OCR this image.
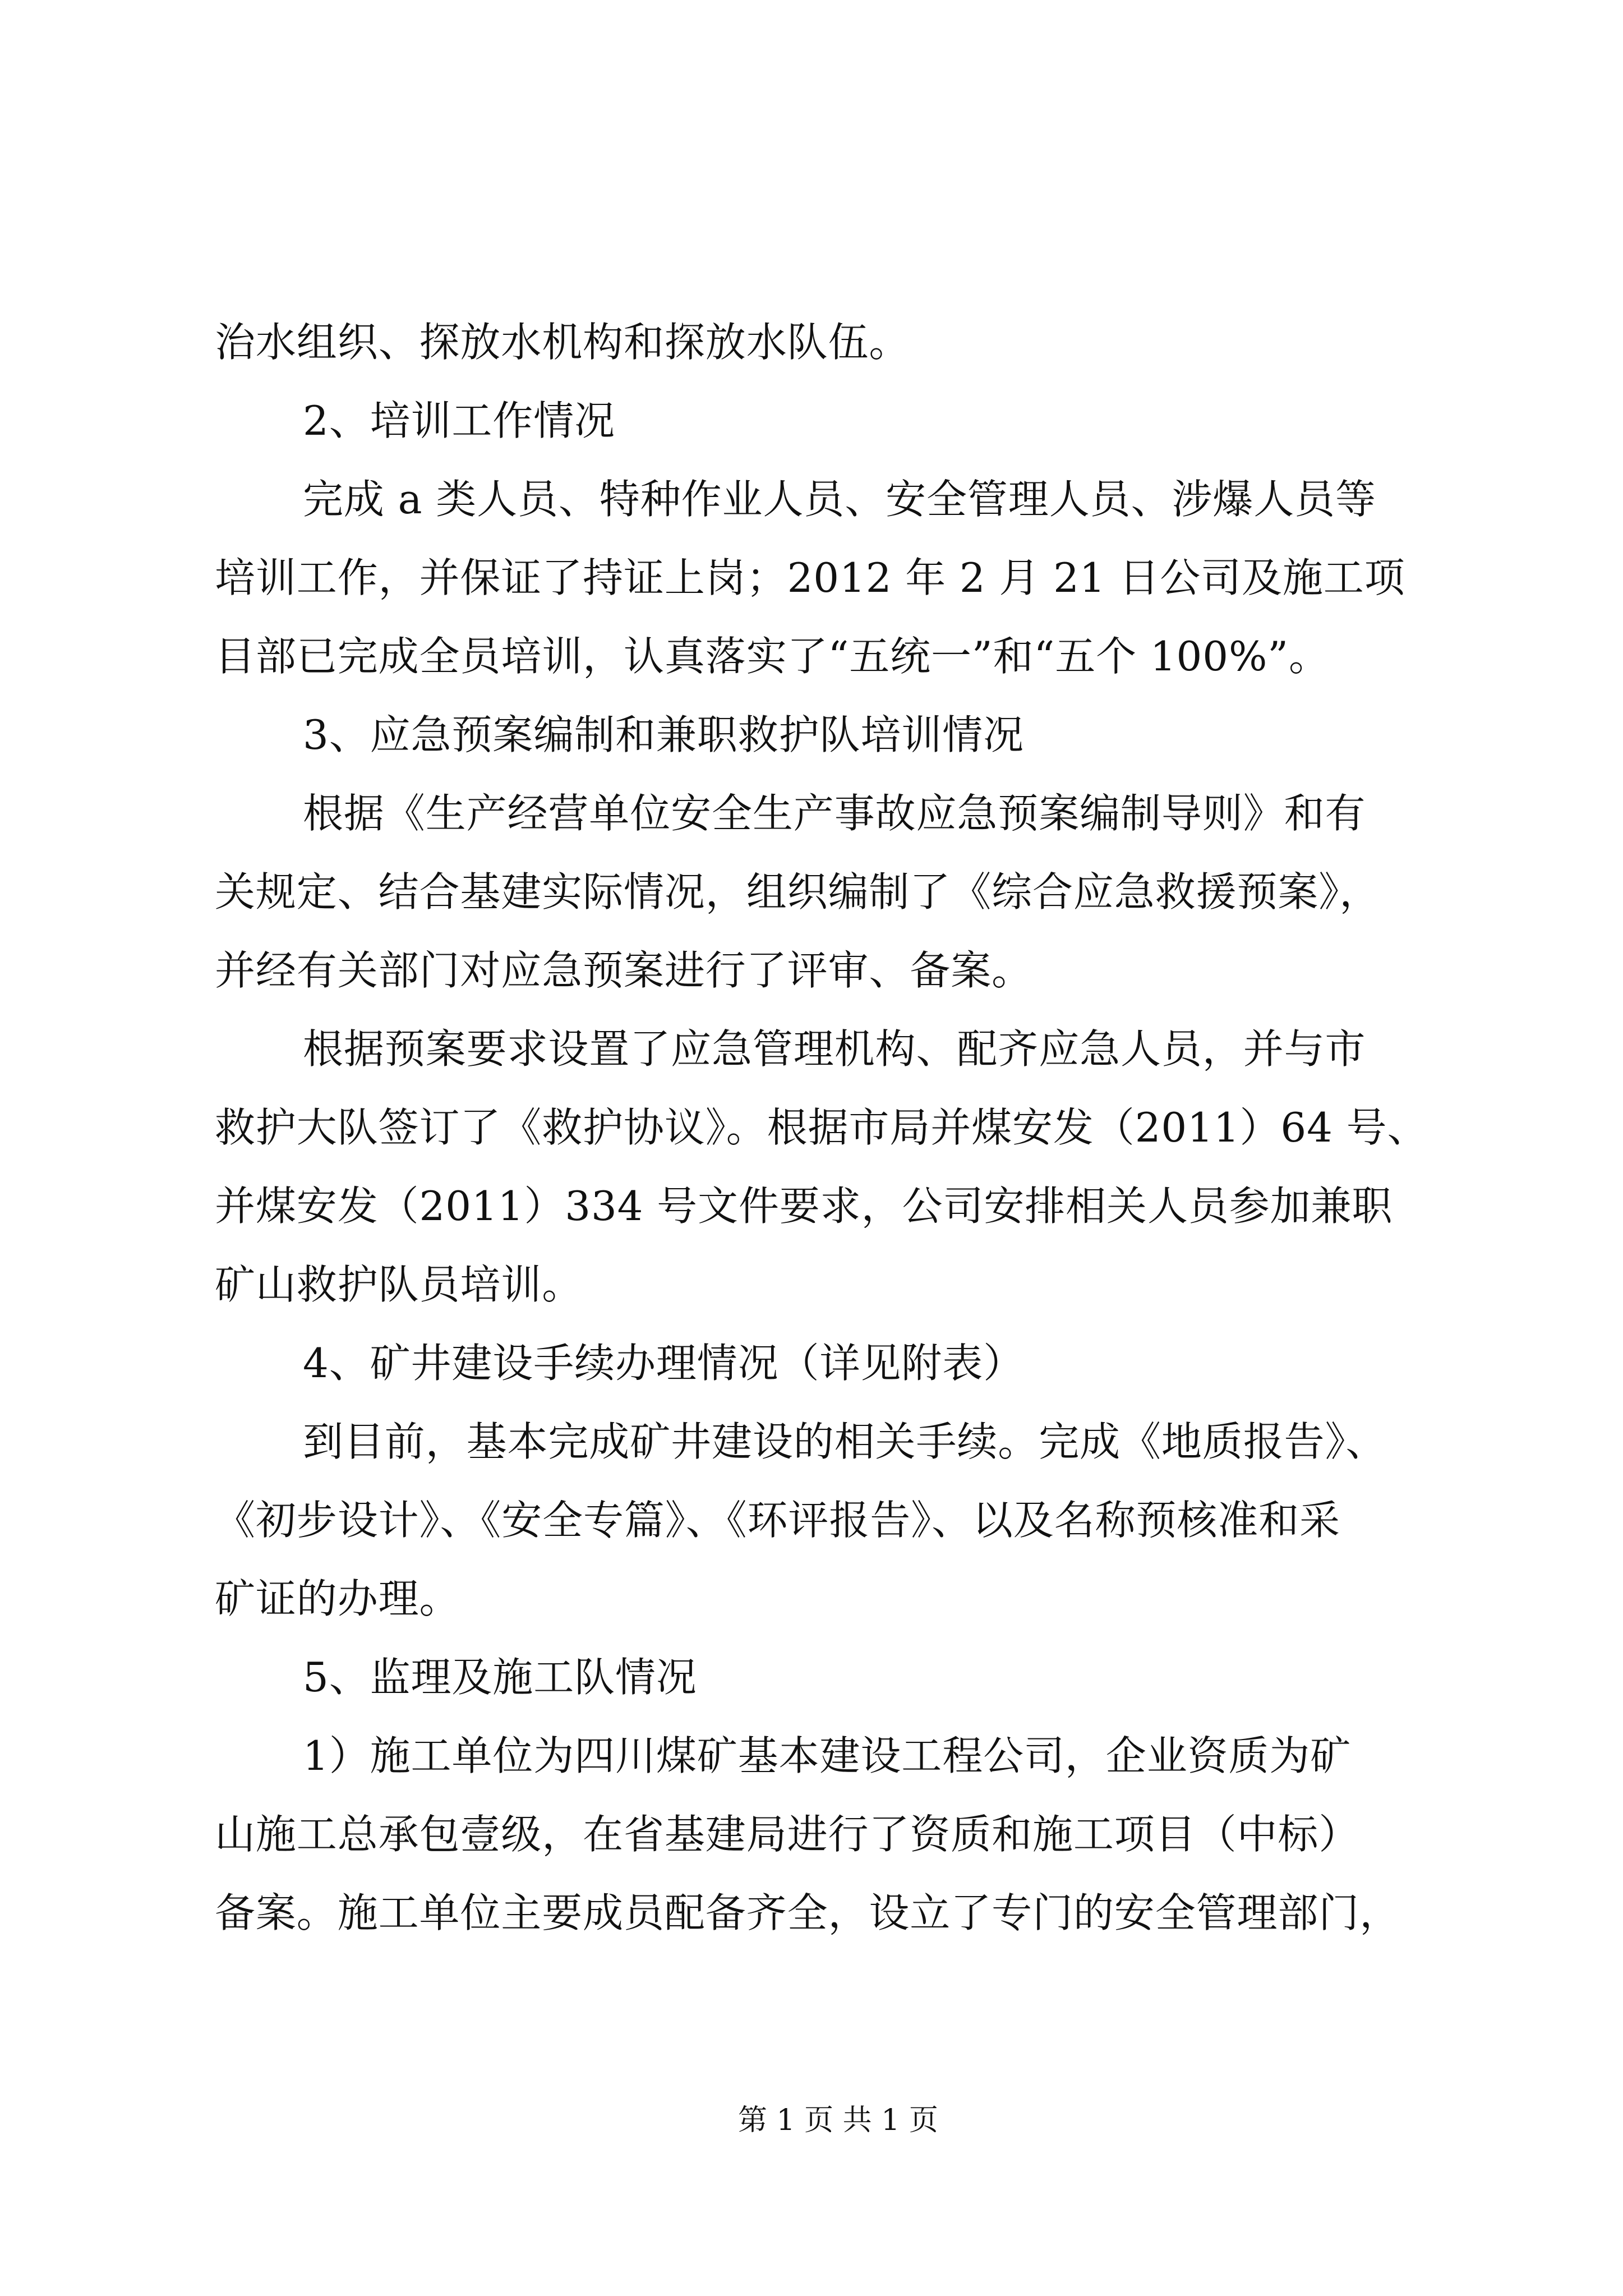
治水组织、探放水机构和探放水队伍。
2、培训工作情况
完成 a 类人员、特种作业人员、安全管理人员、涉爆人员等
培训工作，并保证了持证上岗；2012 年 2 月 21 日公司及施工项
目部已完成全员培训，认真落实了“五统一”和“五个 100%”。
3、应急预案编制和兼职救护队培训情况
根据《生产经营单位安全生产事故应急预案编制导则》和有
关规定、结合基建实际情况，组织编制了《综合应急救援预案》，
并经有关部门对应急预案进行了评审、备案。
根据预案要求设置了应急管理机构、配齐应急人员，并与市
救护大队签订了《救护协议》。根据市局并煤安发（2011）64 号、
并煤安发（2011）334 号文件要求，公司安排相关人员参加兼职
矿山救护队员培训。
4、矿井建设手续办理情况（详见附表）
到目前，基本完成矿井建设的相关手续。完成《地质报告》、
《初步设计》、《安全专篇》、《环评报告》、以及名称预核准和采
矿证的办理。
5、监理及施工队情况
1）施工单位为四川煤矿基本建设工程公司，企业资质为矿
山施工总承包壹级，在省基建局进行了资质和施工项目（中标）
备案。施工单位主要成员配备齐全，设立了专门的安全管理部门，
第 1 页 共 1 页
